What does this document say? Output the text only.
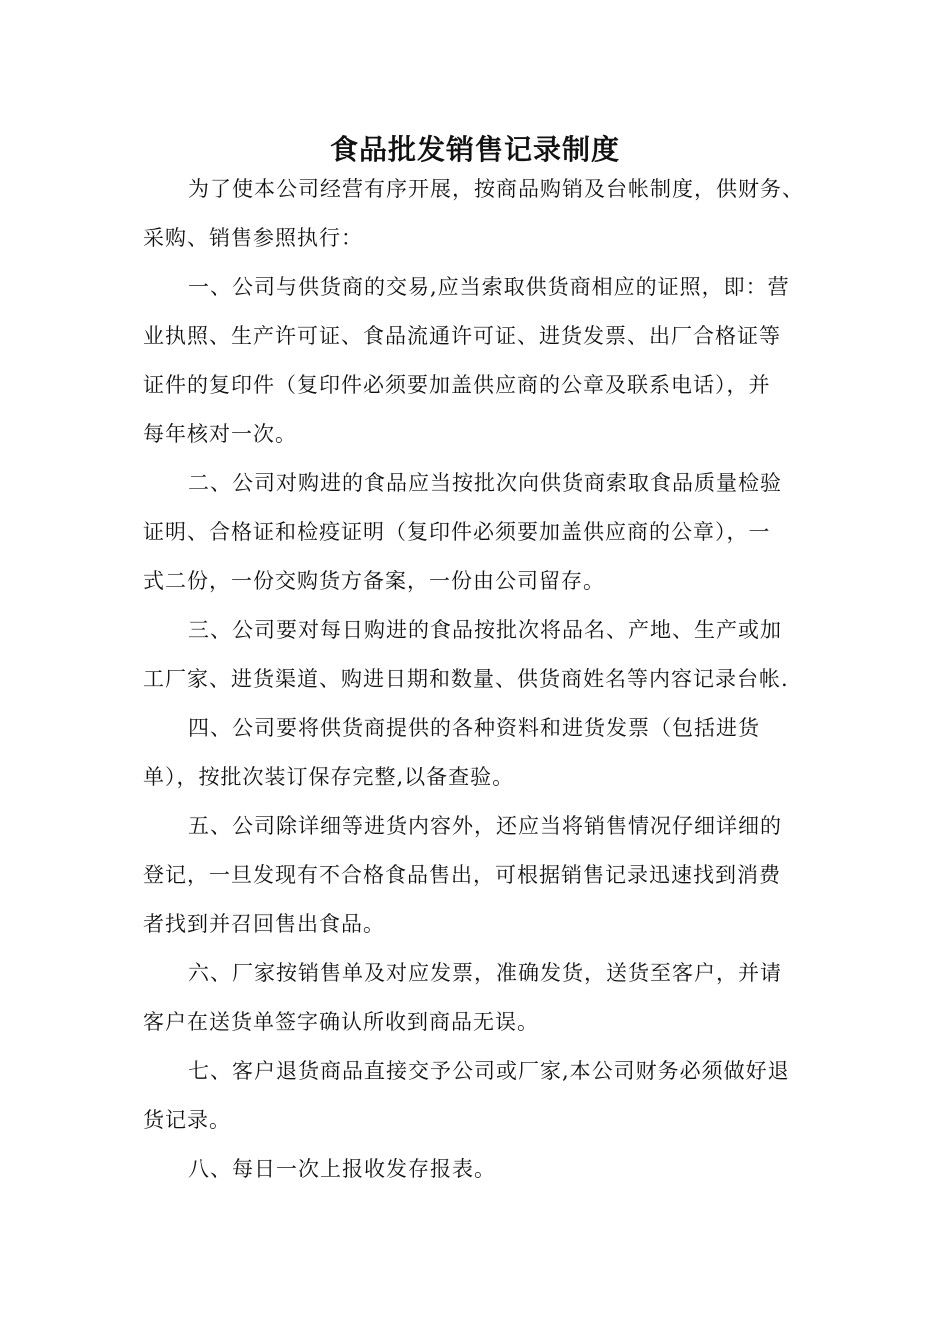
食品批发销售记录制度
为了使本公司经营有序开展，按商品购销及台帐制度，供财务、
采购、销售参照执行：
一、公司与供货商的交易,应当索取供货商相应的证照，即：营
业执照、生产许可证、食品流通许可证、进货发票、出厂合格证等
证件的复印件（复印件必须要加盖供应商的公章及联系电话），并
每年核对一次。
二、公司对购进的食品应当按批次向供货商索取食品质量检验
证明、合格证和检疫证明（复印件必须要加盖供应商的公章），一
式二份，一份交购货方备案，一份由公司留存。
三、公司要对每日购进的食品按批次将品名、产地、生产或加
工厂家、进货渠道、购进日期和数量、供货商姓名等内容记录台帐.
四、公司要将供货商提供的各种资料和进货发票（包括进货
单），按批次装订保存完整,以备查验。
五、公司除详细等进货内容外，还应当将销售情况仔细详细的
登记，一旦发现有不合格食品售出，可根据销售记录迅速找到消费
者找到并召回售出食品。
六、厂家按销售单及对应发票，准确发货，送货至客户，并请
客户在送货单签字确认所收到商品无误。
七、客户退货商品直接交予公司或厂家,本公司财务必须做好退
货记录。
八、每日一次上报收发存报表。
